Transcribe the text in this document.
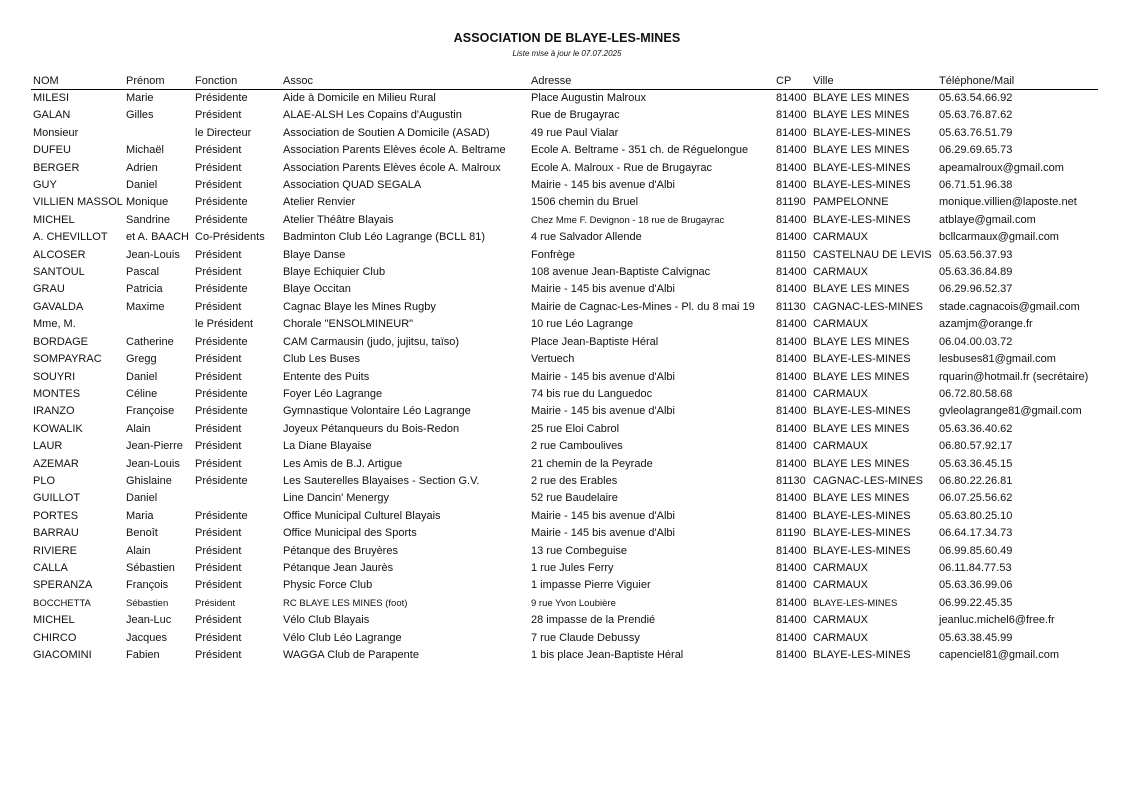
ASSOCIATION DE BLAYE-LES-MINES
Liste mise à jour le 07.07.2025
NOM	Prénom	Fonction	Assoc	Adresse	CP	Ville	Téléphone/Mail
MILESI	Marie	Présidente	Aide à Domicile en Milieu Rural	Place Augustin Malroux	81400	BLAYE LES MINES	05.63.54.66.92
GALAN	Gilles	Président	ALAE-ALSH Les Copains d'Augustin	Rue de Brugayrac	81400	BLAYE LES MINES	05.63.76.87.62
Monsieur		le Directeur	Association de Soutien A Domicile (ASAD)	49 rue Paul Vialar	81400	BLAYE-LES-MINES	05.63.76.51.79
DUFEU	Michaël	Président	Association Parents Elèves école A. Beltrame	Ecole A. Beltrame - 351 ch. de Réguelongue	81400	BLAYE LES MINES	06.29.69.65.73
BERGER	Adrien	Président	Association Parents Elèves école A. Malroux	Ecole A. Malroux - Rue de Brugayrac	81400	BLAYE-LES-MINES	apeamalroux@gmail.com
GUY	Daniel	Président	Association QUAD SEGALA	Mairie - 145 bis avenue d'Albi	81400	BLAYE-LES-MINES	06.71.51.96.38
VILLIEN MASSOL	Monique	Présidente	Atelier Renvier	1506 chemin du Bruel	81190	PAMPELONNE	monique.villien@laposte.net
MICHEL	Sandrine	Présidente	Atelier Théâtre Blayais	Chez Mme F. Devignon - 18 rue de Brugayrac	81400	BLAYE-LES-MINES	atblaye@gmail.com
A. CHEVILLOT	et A. BAACH	Co-Présidents	Badminton Club Léo Lagrange (BCLL 81)	4 rue Salvador Allende	81400	CARMAUX	bcllcarmaux@gmail.com
ALCOSER	Jean-Louis	Président	Blaye Danse	Fonfrège	81150	CASTELNAU DE LEVIS	05.63.56.37.93
SANTOUL	Pascal	Président	Blaye Echiquier Club	108 avenue Jean-Baptiste Calvignac	81400	CARMAUX	05.63.36.84.89
GRAU	Patricia	Présidente	Blaye Occitan	Mairie - 145 bis avenue d'Albi	81400	BLAYE LES MINES	06.29.96.52.37
GAVALDA	Maxime	Président	Cagnac Blaye les Mines Rugby	Mairie de Cagnac-Les-Mines - Pl. du 8 mai 19	81130	CAGNAC-LES-MINES	stade.cagnacois@gmail.com
Mme, M.		le Président	Chorale "ENSOLMINEUR"	10 rue Léo Lagrange	81400	CARMAUX	azamjm@orange.fr
BORDAGE	Catherine	Présidente	CAM Carmausin (judo, jujitsu, taïso)	Place Jean-Baptiste Héral	81400	BLAYE LES MINES	06.04.00.03.72
SOMPAYRAC	Gregg	Président	Club Les Buses	Vertuech	81400	BLAYE-LES-MINES	lesbuses81@gmail.com
SOUYRI	Daniel	Président	Entente des Puits	Mairie - 145 bis avenue d'Albi	81400	BLAYE LES MINES	rquarin@hotmail.fr (secrétaire)
MONTES	Céline	Présidente	Foyer Léo Lagrange	74 bis rue du Languedoc	81400	CARMAUX	06.72.80.58.68
IRANZO	Françoise	Présidente	Gymnastique Volontaire Léo Lagrange	Mairie - 145 bis avenue d'Albi	81400	BLAYE-LES-MINES	gvleolagrange81@gmail.com
KOWALIK	Alain	Président	Joyeux Pétanqueurs du Bois-Redon	25 rue Eloi Cabrol	81400	BLAYE LES MINES	05.63.36.40.62
LAUR	Jean-Pierre	Président	La Diane Blayaise	2 rue Camboulives	81400	CARMAUX	06.80.57.92.17
AZEMAR	Jean-Louis	Président	Les Amis de B.J. Artigue	21 chemin de la Peyrade	81400	BLAYE LES MINES	05.63.36.45.15
PLO	Ghislaine	Présidente	Les Sauterelles Blayaises - Section G.V.	2 rue des Erables	81130	CAGNAC-LES-MINES	06.80.22.26.81
GUILLOT	Daniel		Line Dancin' Menergy	52 rue Baudelaire	81400	BLAYE LES MINES	06.07.25.56.62
PORTES	Maria	Présidente	Office Municipal Culturel Blayais	Mairie - 145 bis avenue d'Albi	81400	BLAYE-LES-MINES	05.63.80.25.10
BARRAU	Benoît	Président	Office Municipal des Sports	Mairie - 145 bis avenue d'Albi	81190	BLAYE-LES-MINES	06.64.17.34.73
RIVIERE	Alain	Président	Pétanque des Bruyères	13 rue Combeguise	81400	BLAYE-LES-MINES	06.99.85.60.49
CALLA	Sébastien	Président	Pétanque Jean Jaurès	1 rue Jules Ferry	81400	CARMAUX	06.11.84.77.53
SPERANZA	François	Président	Physic Force Club	1 impasse Pierre Viguier	81400	CARMAUX	05.63.36.99.06
BOCCHETTA	Sébastien	Président	RC BLAYE LES MINES (foot)	9 rue Yvon Loubière	81400	BLAYE-LES-MINES	06.99.22.45.35
MICHEL	Jean-Luc	Président	Vélo Club Blayais	28 impasse de la Prendié	81400	CARMAUX	jeanluc.michel6@free.fr
CHIRCO	Jacques	Président	Vélo Club Léo Lagrange	7 rue Claude Debussy	81400	CARMAUX	05.63.38.45.99
GIACOMINI	Fabien	Président	WAGGA Club de Parapente	1 bis place Jean-Baptiste Héral	81400	BLAYE-LES-MINES	capenciel81@gmail.com
